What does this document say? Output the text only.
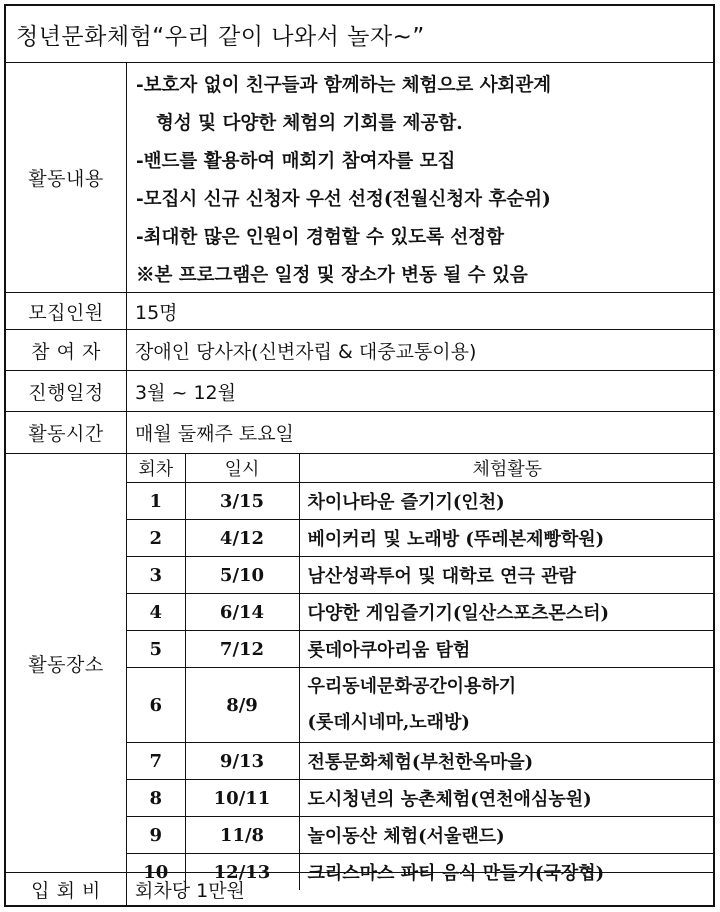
청년문화체험“우리 같이 나와서 놀자~”
활동내용
-보호자 없이 친구들과 함께하는 체험으로 사회관계
형성 및 다양한 체험의 기회를 제공함.
-밴드를 활용하여 매회기 참여자를 모집
-모집시 신규 신청자 우선 선정(전월신청자 후순위)
-최대한 많은 인원이 경험할 수 있도록 선정함
※본 프로그램은 일정 및 장소가 변동 될 수 있음
모집인원	15명
참 여 자	장애인 당사자(신변자립 & 대중교통이용)
진행일정	3월 ~ 12월
활동시간	매월 둘째주 토요일
활동장소
회차	일시	체험활동
1	3/15	차이나타운 즐기기(인천)
2	4/12	베이커리 및 노래방 (뚜레본제빵학원)
3	5/10	남산성곽투어 및 대학로 연극 관람
4	6/14	다양한 게임즐기기(일산스포츠몬스터)
5	7/12	롯데아쿠아리움 탐험
6	8/9	우리동네문화공간이용하기
(롯데시네마,노래방)

7	9/13	전통문화체험(부천한옥마을)
8	10/11	도시청년의 농촌체험(연천애심농원)
9	11/8	놀이동산 체험(서울랜드)
10	12/13	크리스마스 파티 음식 만들기(국장협)
입 회 비	회차당 1만원
